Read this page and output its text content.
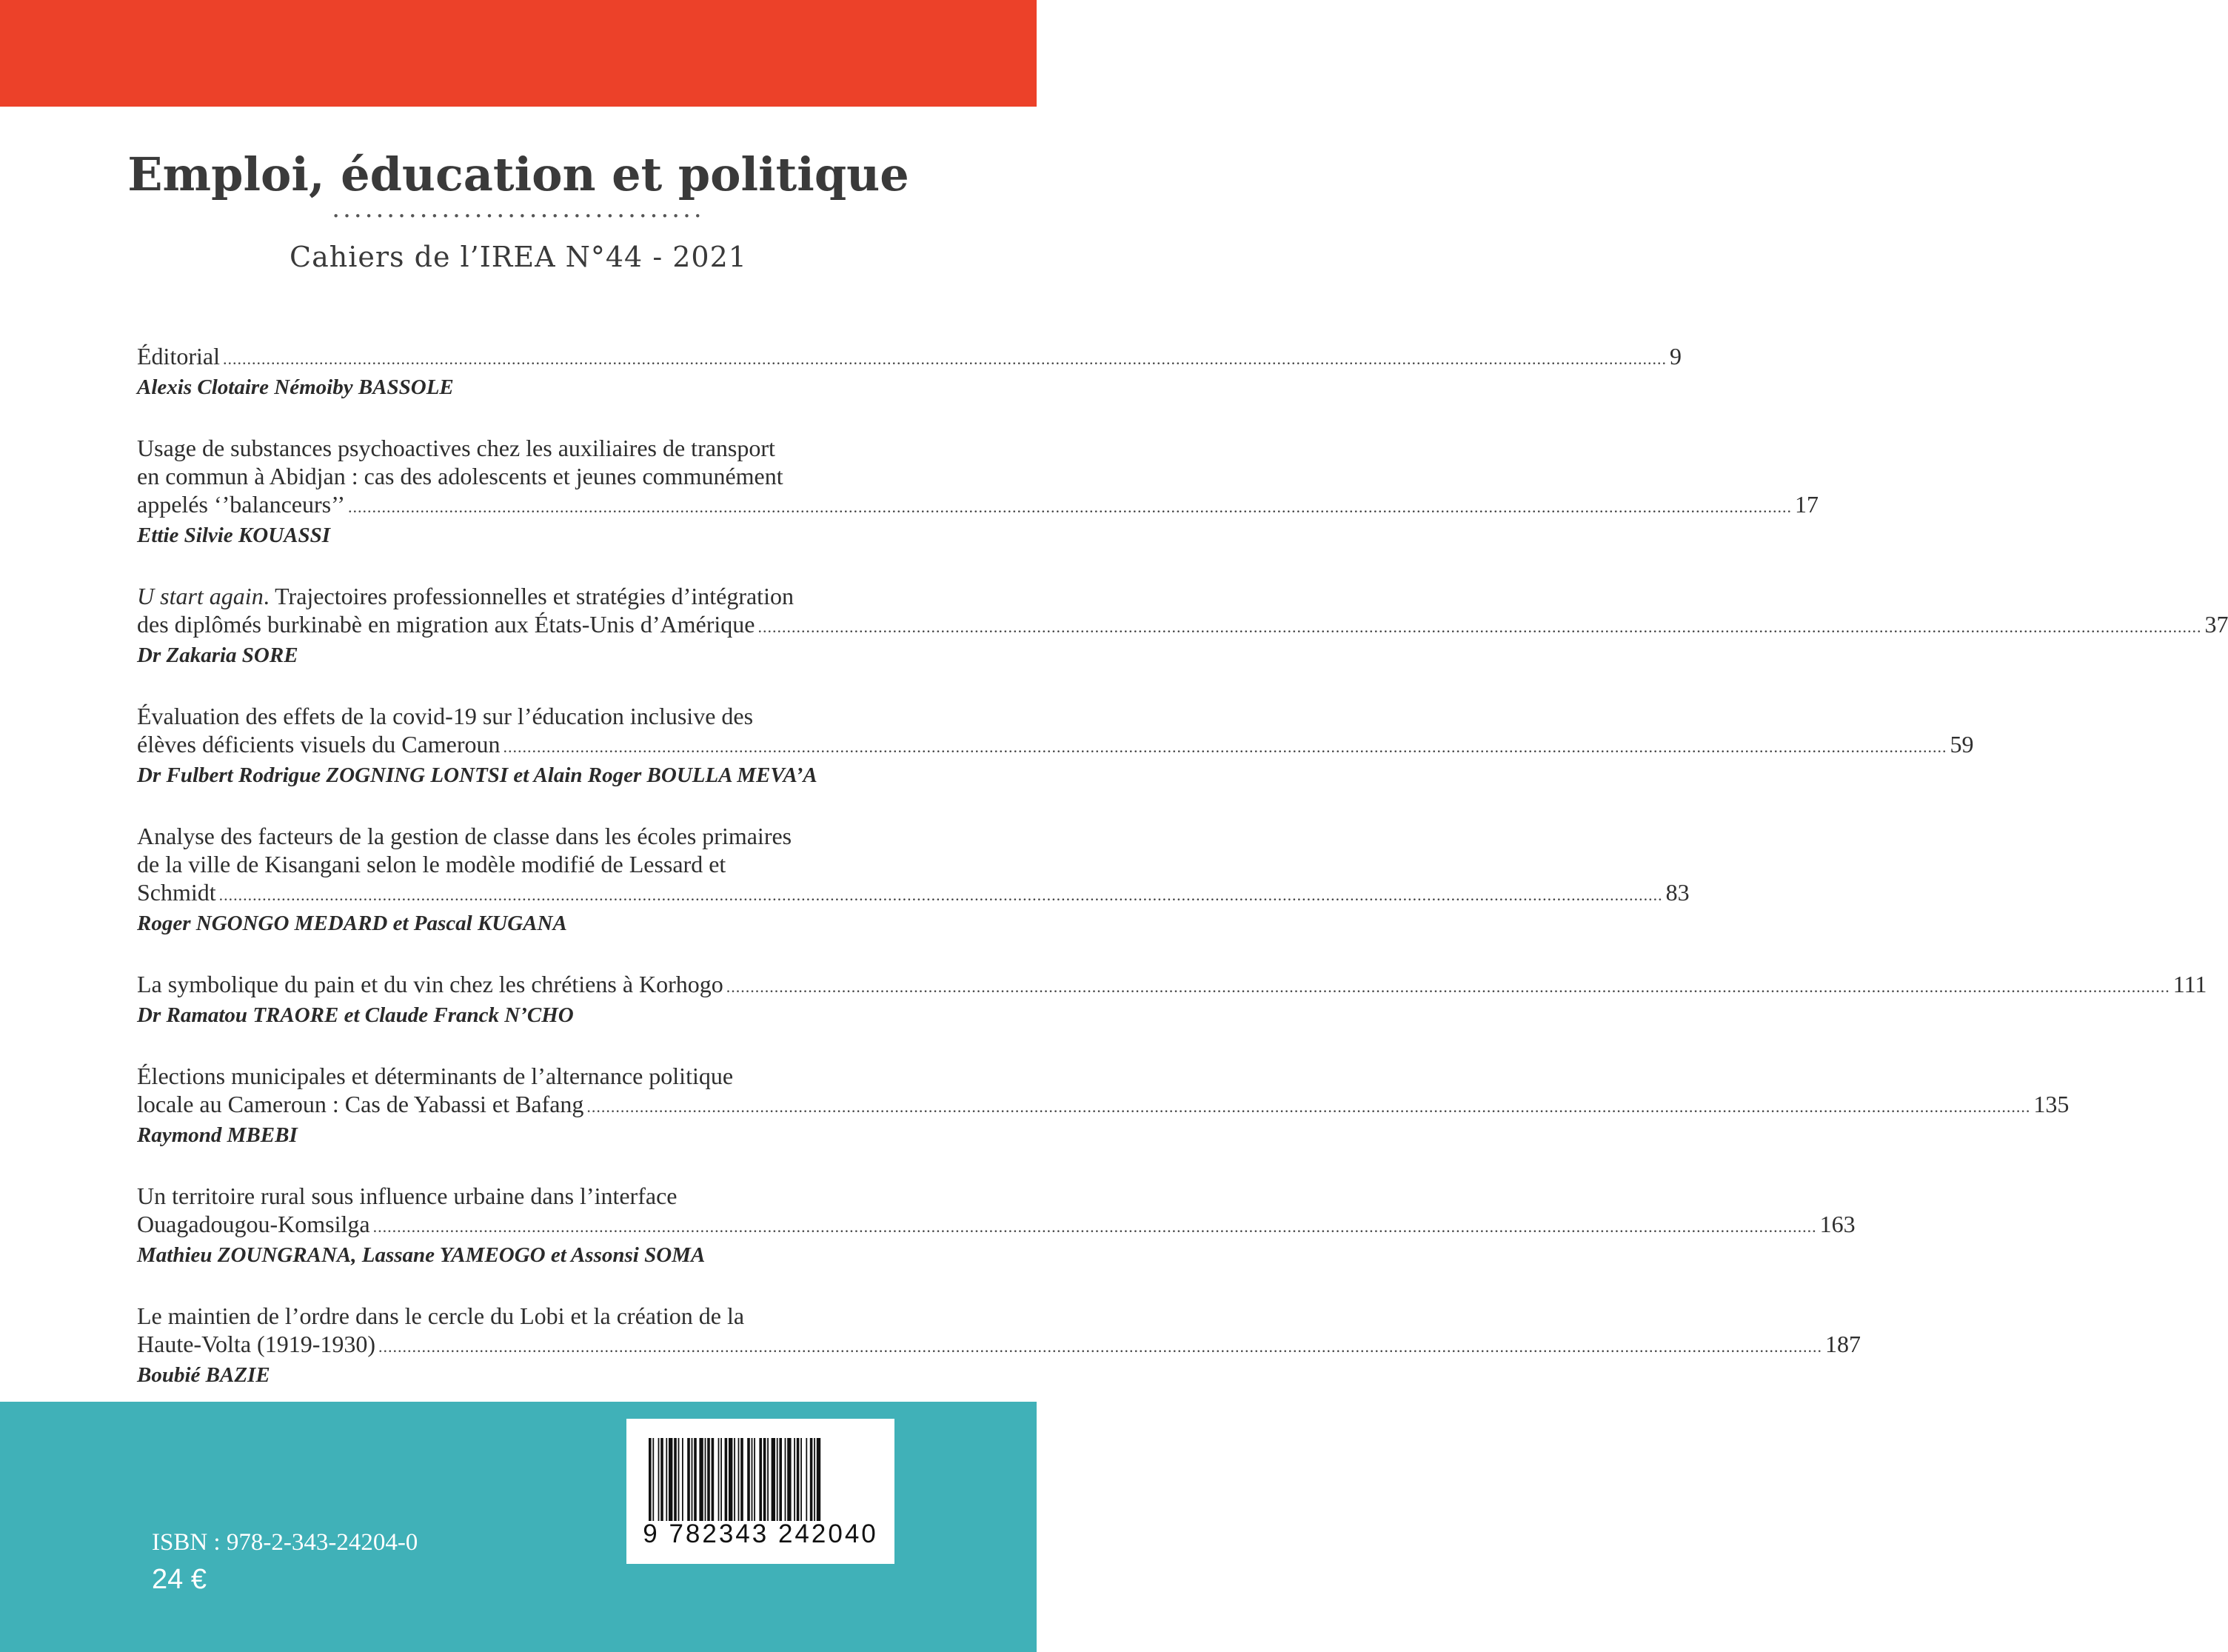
Emploi, éducation et politique
··································
Cahiers de l’IREA N°44 - 2021
Éditorial ............................................................................................................................................................................................................................................................................................................ 9
Alexis Clotaire Némoiby BASSOLE
Usage de substances psychoactives chez les auxiliaires de transport
en commun à Abidjan : cas des adolescents et jeunes communément
appelés ‘’balanceurs’’ ............................................................................................................................................................................................................................................................................................................ 17
Ettie Silvie KOUASSI
U start again. Trajectoires professionnelles et stratégies d’intégration
des diplômés burkinabè en migration aux États-Unis d’Amérique ............................................................................................................................................................................................................................................................................................................ 37
Dr Zakaria SORE
Évaluation des effets de la covid-19 sur l’éducation inclusive des
élèves déficients visuels du Cameroun ............................................................................................................................................................................................................................................................................................................ 59
Dr Fulbert Rodrigue ZOGNING LONTSI et Alain Roger BOULLA MEVA’A
Analyse des facteurs de la gestion de classe dans les écoles primaires
de la ville de Kisangani selon le modèle modifié de Lessard et
Schmidt ............................................................................................................................................................................................................................................................................................................ 83
Roger NGONGO MEDARD et Pascal KUGANA
La symbolique du pain et du vin chez les chrétiens à Korhogo ............................................................................................................................................................................................................................................................................................................ 111
Dr Ramatou TRAORE et Claude Franck N’CHO
Élections municipales et déterminants de l’alternance politique
locale au Cameroun : Cas de Yabassi et Bafang ............................................................................................................................................................................................................................................................................................................ 135
Raymond MBEBI
Un territoire rural sous influence urbaine dans l’interface
Ouagadougou-Komsilga ............................................................................................................................................................................................................................................................................................................ 163
Mathieu ZOUNGRANA, Lassane YAMEOGO et Assonsi SOMA
Le maintien de l’ordre dans le cercle du Lobi et la création de la
Haute-Volta (1919-1930) ............................................................................................................................................................................................................................................................................................................ 187
Boubié BAZIE
ISBN : 978-2-343-24204-0
24 €
9 782343 242040
